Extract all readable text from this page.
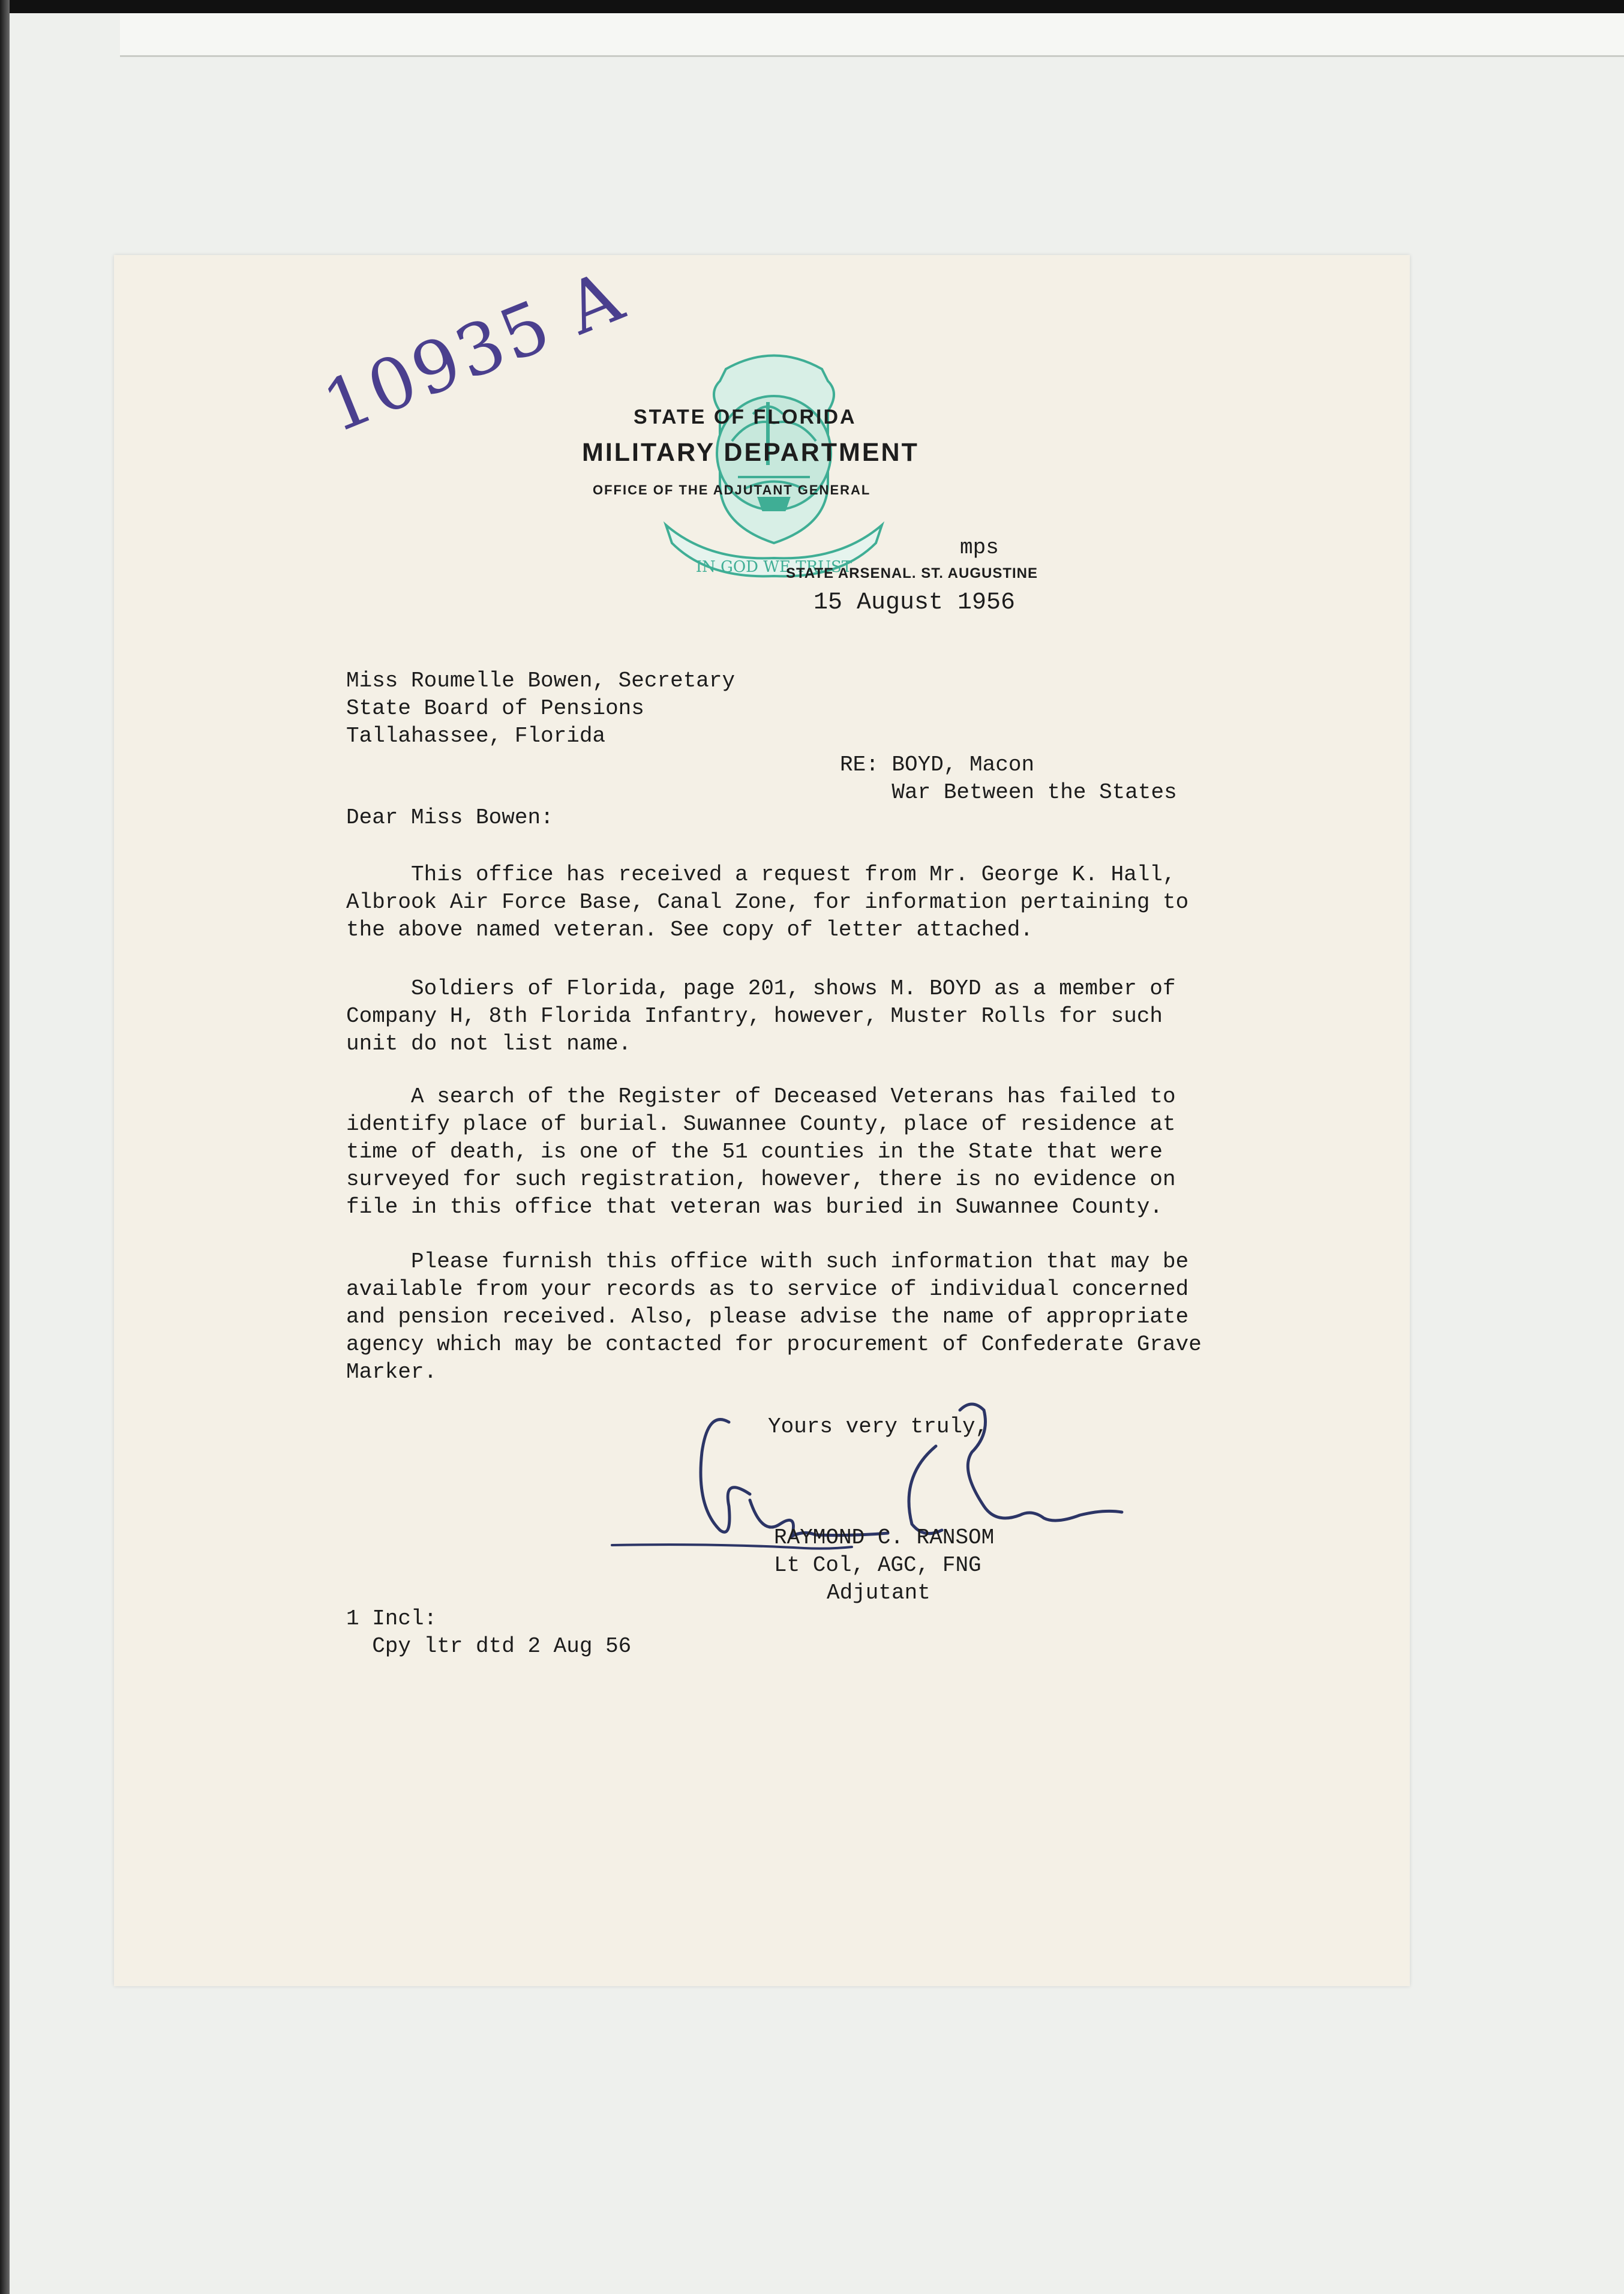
10935 A
IN GOD WE TRUST
STATE OF FLORIDA
MILITARY DEPARTMENT
OFFICE OF THE ADJUTANT GENERAL
STATE ARSENAL. ST. AUGUSTINE
mps
15 August 1956
Miss Roumelle Bowen, Secretary
State Board of Pensions
Tallahassee, Florida
RE: BOYD, Macon
War Between the States
Dear Miss Bowen:
This office has received a request from Mr. George K. Hall,
Albrook Air Force Base, Canal Zone, for information pertaining to
the above named veteran. See copy of letter attached.
Soldiers of Florida, page 201, shows M. BOYD as a member of
Company H, 8th Florida Infantry, however, Muster Rolls for such
unit do not list name.
A search of the Register of Deceased Veterans has failed to
identify place of burial. Suwannee County, place of residence at
time of death, is one of the 51 counties in the State that were
surveyed for such registration, however, there is no evidence on
file in this office that veteran was buried in Suwannee County.
Please furnish this office with such information that may be
available from your records as to service of individual concerned
and pension received. Also, please advise the name of appropriate
agency which may be contacted for procurement of Confederate Grave
Marker.
Yours very truly,
RAYMOND C. RANSOM
Lt Col, AGC, FNG
Adjutant
1 Incl:
Cpy ltr dtd 2 Aug 56
